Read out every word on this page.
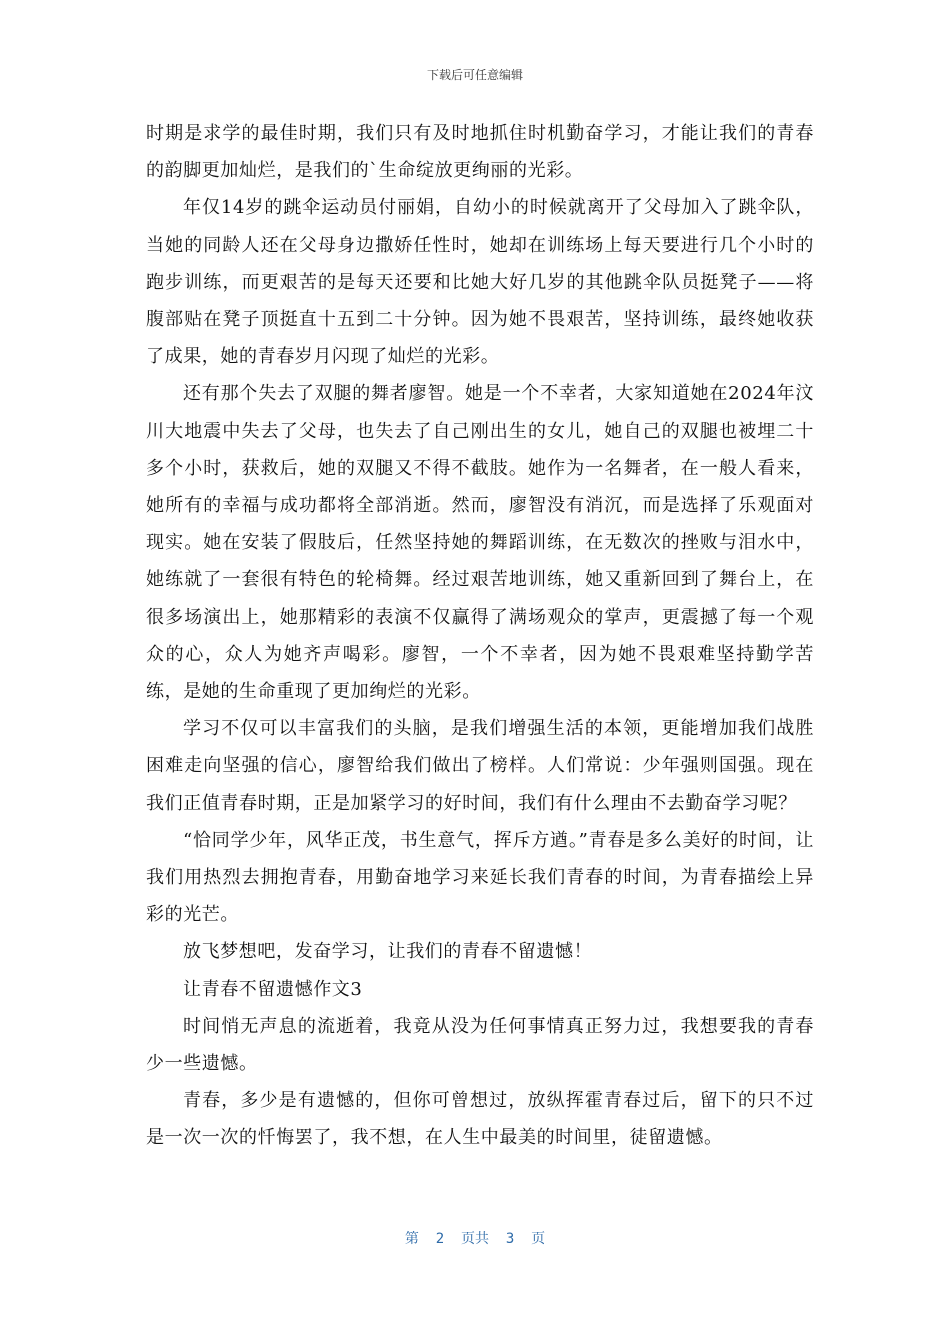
下载后可任意编辑

时期是求学的最佳时期，我们只有及时地抓住时机勤奋学习，才能让我们的青春的韵脚更加灿烂，是我们的`生命绽放更绚丽的光彩。

年仅14岁的跳伞运动员付丽娟，自幼小的时候就离开了父母加入了跳伞队，当她的同龄人还在父母身边撒娇任性时，她却在训练场上每天要进行几个小时的跑步训练，而更艰苦的是每天还要和比她大好几岁的其他跳伞队员挺凳子——将腹部贴在凳子顶挺直十五到二十分钟。因为她不畏艰苦，坚持训练，最终她收获了成果，她的青春岁月闪现了灿烂的光彩。

还有那个失去了双腿的舞者廖智。她是一个不幸者，大家知道她在2024年汶川大地震中失去了父母，也失去了自己刚出生的女儿，她自己的双腿也被埋二十多个小时，获救后，她的双腿又不得不截肢。她作为一名舞者，在一般人看来，她所有的幸福与成功都将全部消逝。然而，廖智没有消沉，而是选择了乐观面对现实。她在安装了假肢后，任然坚持她的舞蹈训练，在无数次的挫败与泪水中，她练就了一套很有特色的轮椅舞。经过艰苦地训练，她又重新回到了舞台上，在很多场演出上，她那精彩的表演不仅赢得了满场观众的掌声，更震撼了每一个观众的心，众人为她齐声喝彩。廖智，一个不幸者，因为她不畏艰难坚持勤学苦练，是她的生命重现了更加绚烂的光彩。

学习不仅可以丰富我们的头脑，是我们增强生活的本领，更能增加我们战胜困难走向坚强的信心，廖智给我们做出了榜样。人们常说：少年强则国强。现在我们正值青春时期，正是加紧学习的好时间，我们有什么理由不去勤奋学习呢？

“恰同学少年，风华正茂，书生意气，挥斥方遒。”青春是多么美好的时间，让我们用热烈去拥抱青春，用勤奋地学习来延长我们青春的时间，为青春描绘上异彩的光芒。

放飞梦想吧，发奋学习，让我们的青春不留遗憾！

让青春不留遗憾作文3

时间悄无声息的流逝着，我竟从没为任何事情真正努力过，我想要我的青春少一些遗憾。

青春，多少是有遗憾的，但你可曾想过，放纵挥霍青春过后，留下的只不过是一次一次的忏悔罢了，我不想，在人生中最美的时间里，徒留遗憾。

第  2  页共  3  页
